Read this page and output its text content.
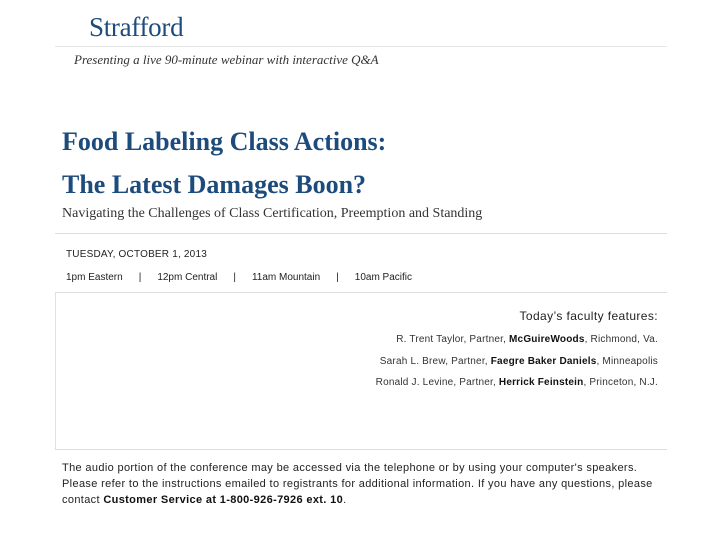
Strafford
Presenting a live 90-minute webinar with interactive Q&A
Food Labeling Class Actions:
The Latest Damages Boon?
Navigating the Challenges of Class Certification, Preemption and Standing
TUESDAY, OCTOBER 1, 2013
1pm Eastern | 12pm Central | 11am Mountain | 10am Pacific
Today’s faculty features:
R. Trent Taylor, Partner, McGuireWoods, Richmond, Va.
Sarah L. Brew, Partner, Faegre Baker Daniels, Minneapolis
Ronald J. Levine, Partner, Herrick Feinstein, Princeton, N.J.
The audio portion of the conference may be accessed via the telephone or by using your computer's speakers. Please refer to the instructions emailed to registrants for additional information. If you have any questions, please contact Customer Service at 1-800-926-7926 ext. 10.
